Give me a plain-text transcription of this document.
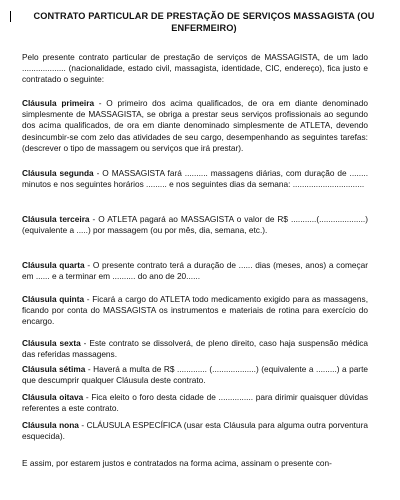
CONTRATO PARTICULAR DE PRESTAÇÃO DE SERVIÇOS MASSAGISTA (OU ENFERMEIRO)

Pelo presente contrato particular de prestação de serviços de MASSAGISTA, de um lado ................... (nacionalidade, estado civil, massagista, identidade, CIC, endereço), fica justo e contratado o seguinte:

Cláusula primeira - O primeiro dos acima qualificados, de ora em diante denominado simplesmente de MASSAGISTA, se obriga a prestar seus serviços profissionais ao segundo dos acima qualificados, de ora em diante denominado simplesmente de ATLETA, devendo desincumbir-se com zelo das atividades de seu cargo, desempenhando as seguintes tarefas: (descrever o tipo de massagem ou serviços que irá prestar).

Cláusula segunda - O MASSAGISTA fará .......... massagens diárias, com duração de ........ minutos e nos seguintes horários ......... e nos seguintes dias da semana: ...............................

Cláusula terceira - O ATLETA pagará ao MASSAGISTA o valor de R$ ...........(....................) (equivalente a .....) por massagem (ou por mês, dia, semana, etc.).

Cláusula quarta - O presente contrato terá a duração de ...... dias (meses, anos) a começar em ...... e a terminar em .......... do ano de 20......

Cláusula quinta - Ficará a cargo do ATLETA todo medicamento exigido para as massagens, ficando por conta do MASSAGISTA os instrumentos e materiais de rotina para exercício do encargo.

Cláusula sexta - Este contrato se dissolverá, de pleno direito, caso haja suspensão médica das referidas massagens.

Cláusula sétima - Haverá a multa de R$ ............. (...................) (equivalente a .........) a parte que descumprir qualquer Cláusula deste contrato.

Cláusula oitava - Fica eleito o foro desta cidade de ............... para dirimir quaisquer dúvidas referentes a este contrato.

Cláusula nona - CLÁUSULA ESPECÍFICA (usar esta Cláusula para alguma outra porventura esquecida).

E assim, por estarem justos e contratados na forma acima, assinam o presente con-
